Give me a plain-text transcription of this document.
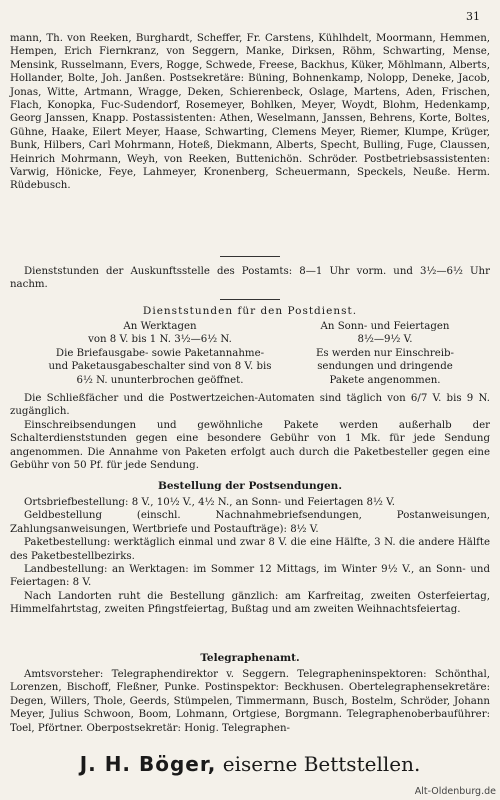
31

mann, Th. von Reeken, Burghardt, Scheffer, Fr. Carstens, Kühlhdelt, Moormann, Hemmen, Hempen, Erich Fiernkranz, von Seggern, Manke, Dirksen, Röhm, Schwarting, Mense, Mensink, Russelmann, Evers, Rogge, Schwede, Freese, Backhus, Küker, Möhlmann, Alberts, Hollander, Bolte, Joh. Janßen. Postsekretäre: Büning, Bohnenkamp, Nolopp, Deneke, Jacob, Jonas, Witte, Artmann, Wragge, Deken, Schierenbeck, Oslage, Martens, Aden, Frischen, Flach, Konopka, Fuc-Sudendorf, Rosemeyer, Bohlken, Meyer, Woydt, Blohm, Hedenkamp, Georg Janssen, Knapp. Postassistenten: Athen, Weselmann, Janssen, Behrens, Korte, Boltes, Gühne, Haake, Eilert Meyer, Haase, Schwarting, Clemens Meyer, Riemer, Klumpe, Krüger, Bunk, Hilbers, Carl Mohrmann, Hoteß, Diekmann, Alberts, Specht, Bulling, Fuge, Claussen, Heinrich Mohrmann, Weyh, von Reeken, Buttenichön. Schröder. Postbetriebsassistenten: Varwig, Hönicke, Feye, Lahmeyer, Kronenberg, Scheuermann, Speckels, Neuße. Herm. Rüdebusch.

Dienststunden der Auskunftsstelle des Postamts: 8—1 Uhr vorm. und 3½—6½ Uhr nachm.

Dienststunden für den Postdienst.

An Werktagen

von 8 V. bis 1 N. 3½—6½ N.

Die Briefausgabe- sowie Paketannahme-

und Paketausgabeschalter sind von 8 V. bis

6½ N. ununterbrochen geöffnet.

An Sonn- und Feiertagen

8½—9½ V.

Es werden nur Einschreib-

sendungen und dringende

Pakete angenommen.

Die Schließfächer und die Postwertzeichen-Automaten sind täglich von 6/7 V. bis 9 N. zugänglich.

Einschreibsendungen und gewöhnliche Pakete werden außerhalb der Schalterdienststunden gegen eine besondere Gebühr von 1 Mk. für jede Sendung angenommen. Die Annahme von Paketen erfolgt auch durch die Paketbesteller gegen eine Gebühr von 50 Pf. für jede Sendung.

Bestellung der Postsendungen.

Ortsbriefbestellung: 8 V., 10½ V., 4½ N., an Sonn- und Feiertagen 8½ V.

Geldbestellung (einschl. Nachnahmebriefsendungen, Postanweisungen, Zahlungsanweisungen, Wertbriefe und Postaufträge): 8½ V.

Paketbestellung: werktäglich einmal und zwar 8 V. die eine Hälfte, 3 N. die andere Hälfte des Paketbestellbezirks.

Landbestellung: an Werktagen: im Sommer 12 Mittags, im Winter 9½ V., an Sonn- und Feiertagen: 8 V.

Nach Landorten ruht die Bestellung gänzlich: am Karfreitag, zweiten Osterfeiertag, Himmelfahrtstag, zweiten Pfingstfeiertag, Bußtag und am zweiten Weihnachtsfeiertag.

Telegraphenamt.

Amtsvorsteher: Telegraphendirektor v. Seggern. Telegrapheninspektoren: Schönthal, Lorenzen, Bischoff, Fleßner, Punke. Postinspektor: Beckhusen. Obertelegraphensekretäre: Degen, Willers, Thole, Geerds, Stümpelen, Timmermann, Busch, Bostelm, Schröder, Johann Meyer, Julius Schwoon, Boom, Lohmann, Ortgiese, Borgmann. Telegraphenoberbauführer: Toel, Pförtner. Oberpostsekretär: Honig. Telegraphen-

J. H. Böger, eiserne Bettstellen.
Alt-Oldenburg.de
